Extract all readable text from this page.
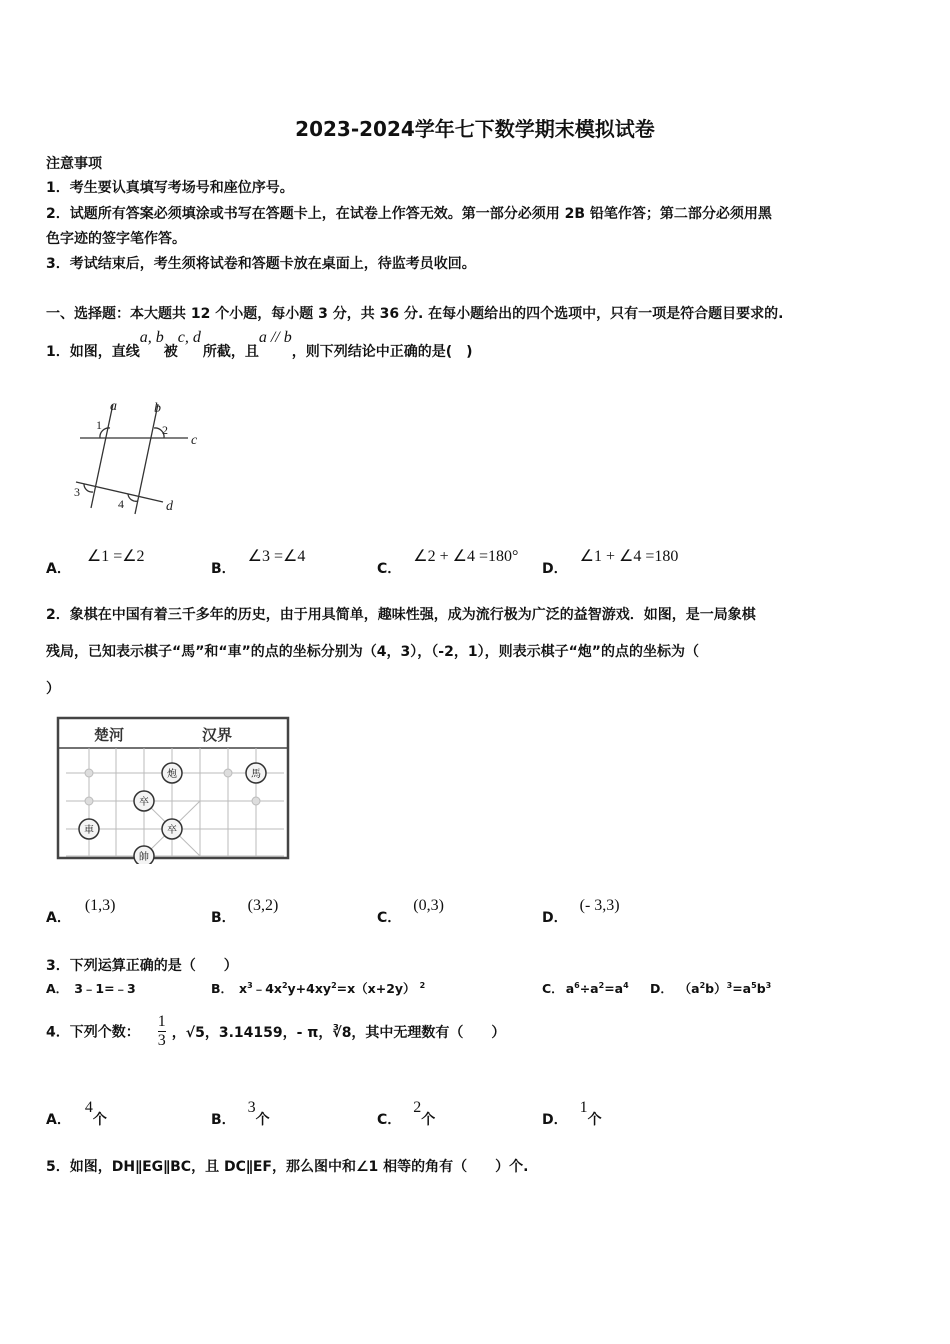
2023-2024学年七下数学期末模拟试卷
注意事项
1．考生要认真填写考场号和座位序号。
2．试题所有答案必须填涂或书写在答题卡上，在试卷上作答无效。第一部分必须用 2B 铅笔作答；第二部分必须用黑
色字迹的签字笔作答。
3．考试结束后，考生须将试卷和答题卡放在桌面上，待监考员收回。
一、选择题：本大题共 12 个小题，每小题 3 分，共 36 分. 在每小题给出的四个选项中，只有一项是符合题目要求的.
1．如图，直线a, b被c, d所截，且a // b，则下列结论中正确的是(　)
a	b
c
d
1	2
3
4
A．∠1 =∠2
B．∠3 =∠4
C．∠2 + ∠4 =180°
D．∠1 + ∠4 =180
2．象棋在中国有着三千多年的历史，由于用具简单，趣味性强，成为流行极为广泛的益智游戏．如图，是一局象棋
残局，已知表示棋子“馬”和“車”的点的坐标分别为（4，3），（-2，1），则表示棋子“炮”的点的坐标为（
）
楚河	汉界
炮	馬
卒
卒
車
帥
A．(1,3)
B．(3,2)
C．(0,3)
D．(- 3,3)
3．下列运算正确的是（　　）
A． 3﹣1=﹣3	B． $x^3﹣4x^2y+4xy^2=x(x+2y)$ $^2$	C． $a^6\div a^2=a^4$ D． $(a^2b)^3=a^5b^3$
4．下列个数： $\frac{1}{3}$ ，√5，3.14159，- π，∛8，其中无理数有（　　）
A．4个	B．3个	C．2个	D．1个
5．如图，DH∥EG∥BC，且 DC∥EF，那么图中和∠1 相等的角有（　　）个.
